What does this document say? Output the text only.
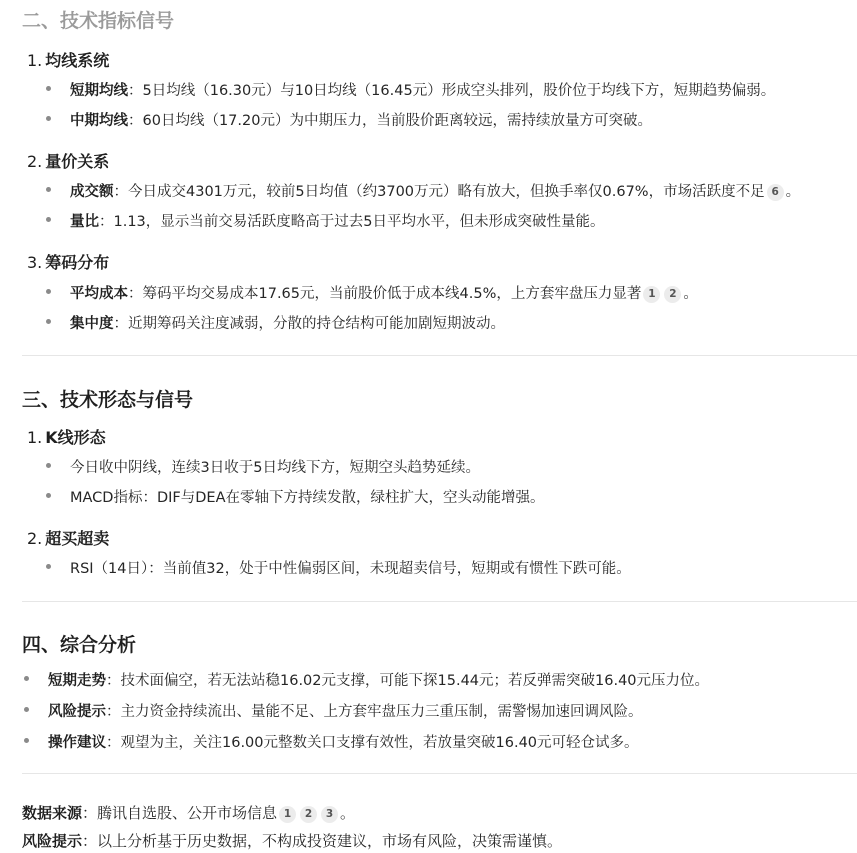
二、技术指标信号
1. 均线系统
短期均线：5日均线（16.30元）与10日均线（16.45元）形成空头排列，股价位于均线下方，短期趋势偏弱。
中期均线：60日均线（17.20元）为中期压力，当前股价距离较远，需持续放量方可突破。
2. 量价关系
成交额：今日成交4301万元，较前5日均值（约3700万元）略有放大，但换手率仅0.67%，市场活跃度不足 6 。
量比：1.13，显示当前交易活跃度略高于过去5日平均水平，但未形成突破性量能。
3. 筹码分布
平均成本：筹码平均交易成本17.65元，当前股价低于成本线4.5%，上方套牢盘压力显著 1 2 。
集中度：近期筹码关注度减弱，分散的持仓结构可能加剧短期波动。
三、技术形态与信号
1. K线形态
今日收中阴线，连续3日收于5日均线下方，短期空头趋势延续。
MACD指标：DIF与DEA在零轴下方持续发散，绿柱扩大，空头动能增强。
2. 超买超卖
RSI（14日）：当前值32，处于中性偏弱区间，未现超卖信号，短期或有惯性下跌可能。
四、综合分析
短期走势：技术面偏空，若无法站稳16.02元支撑，可能下探15.44元；若反弹需突破16.40元压力位。
风险提示：主力资金持续流出、量能不足、上方套牢盘压力三重压制，需警惕加速回调风险。
操作建议：观望为主，关注16.00元整数关口支撑有效性，若放量突破16.40元可轻仓试多。
数据来源：腾讯自选股、公开市场信息 1 2 3 。
风险提示：以上分析基于历史数据，不构成投资建议，市场有风险，决策需谨慎。
